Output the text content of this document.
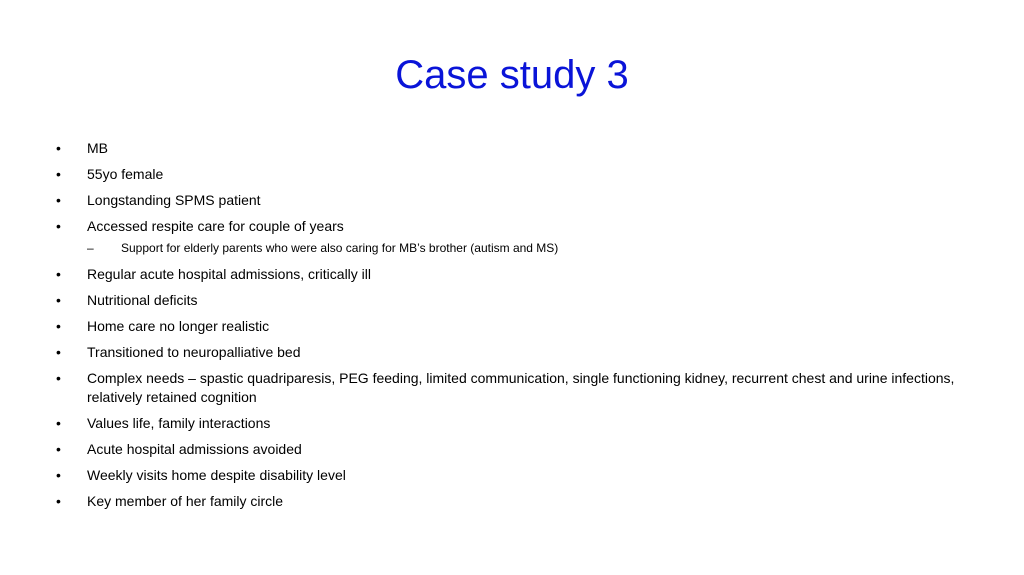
Case study 3
• MB
• 55yo female
• Longstanding SPMS patient
• Accessed respite care for couple of years
– Support for elderly parents who were also caring for MB’s brother (autism and MS)
• Regular acute hospital admissions, critically ill
• Nutritional deficits
• Home care no longer realistic
• Transitioned to neuropalliative bed
• Complex needs – spastic quadriparesis, PEG feeding, limited communication, single functioning kidney, recurrent chest and urine infections, relatively retained cognition
• Values life, family interactions
• Acute hospital admissions avoided
• Weekly visits home despite disability level
• Key member of her family circle
